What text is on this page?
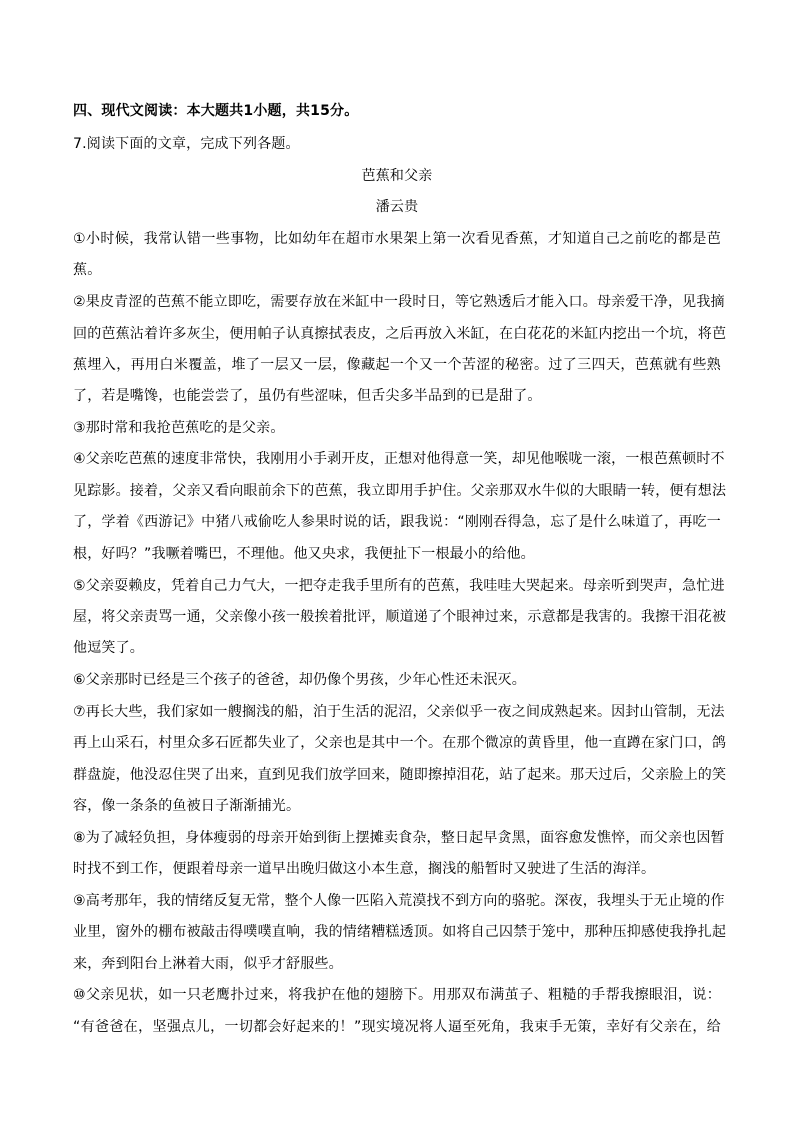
四、现代文阅读：本大题共1小题，共15分。
7.阅读下面的文章，完成下列各题。
芭蕉和父亲
潘云贵
①小时候，我常认错一些事物，比如幼年在超市水果架上第一次看见香蕉，才知道自己之前吃的都是芭
蕉。
②果皮青涩的芭蕉不能立即吃，需要存放在米缸中一段时日，等它熟透后才能入口。母亲爱干净，见我摘
回的芭蕉沾着许多灰尘，便用帕子认真擦拭表皮，之后再放入米缸，在白花花的米缸内挖出一个坑，将芭
蕉埋入，再用白米覆盖，堆了一层又一层，像藏起一个又一个苦涩的秘密。过了三四天，芭蕉就有些熟
了，若是嘴馋，也能尝尝了，虽仍有些涩味，但舌尖多半品到的已是甜了。
③那时常和我抢芭蕉吃的是父亲。
④父亲吃芭蕉的速度非常快，我刚用小手剥开皮，正想对他得意一笑，却见他喉咙一滚，一根芭蕉顿时不
见踪影。接着，父亲又看向眼前余下的芭蕉，我立即用手护住。父亲那双水牛似的大眼睛一转，便有想法
了，学着《西游记》中猪八戒偷吃人参果时说的话，跟我说：“刚刚吞得急，忘了是什么味道了，再吃一
根，好吗？”我噘着嘴巴，不理他。他又央求，我便扯下一根最小的给他。
⑤父亲耍赖皮，凭着自己力气大，一把夺走我手里所有的芭蕉，我哇哇大哭起来。母亲听到哭声，急忙进
屋，将父亲责骂一通，父亲像小孩一般挨着批评，顺道递了个眼神过来，示意都是我害的。我擦干泪花被
他逗笑了。
⑥父亲那时已经是三个孩子的爸爸，却仍像个男孩，少年心性还未泯灭。
⑦再长大些，我们家如一艘搁浅的船，泊于生活的泥沼，父亲似乎一夜之间成熟起来。因封山管制，无法
再上山采石，村里众多石匠都失业了，父亲也是其中一个。在那个微凉的黄昏里，他一直蹲在家门口，鸽
群盘旋，他没忍住哭了出来，直到见我们放学回来，随即擦掉泪花，站了起来。那天过后，父亲脸上的笑
容，像一条条的鱼被日子渐渐捕光。
⑧为了减轻负担，身体瘦弱的母亲开始到街上摆摊卖食杂，整日起早贪黑，面容愈发憔悴，而父亲也因暂
时找不到工作，便跟着母亲一道早出晚归做这小本生意，搁浅的船暂时又驶进了生活的海洋。
⑨高考那年，我的情绪反复无常，整个人像一匹陷入荒漠找不到方向的骆驼。深夜，我埋头于无止境的作
业里，窗外的棚布被敲击得噗噗直响，我的情绪糟糕透顶。如将自己囚禁于笼中，那种压抑感使我挣扎起
来，奔到阳台上淋着大雨，似乎才舒服些。
⑩父亲见状，如一只老鹰扑过来，将我护在他的翅膀下。用那双布满茧子、粗糙的手帮我擦眼泪，说：
“有爸爸在，坚强点儿，一切都会好起来的！”现实境况将人逼至死角，我束手无策，幸好有父亲在，给
